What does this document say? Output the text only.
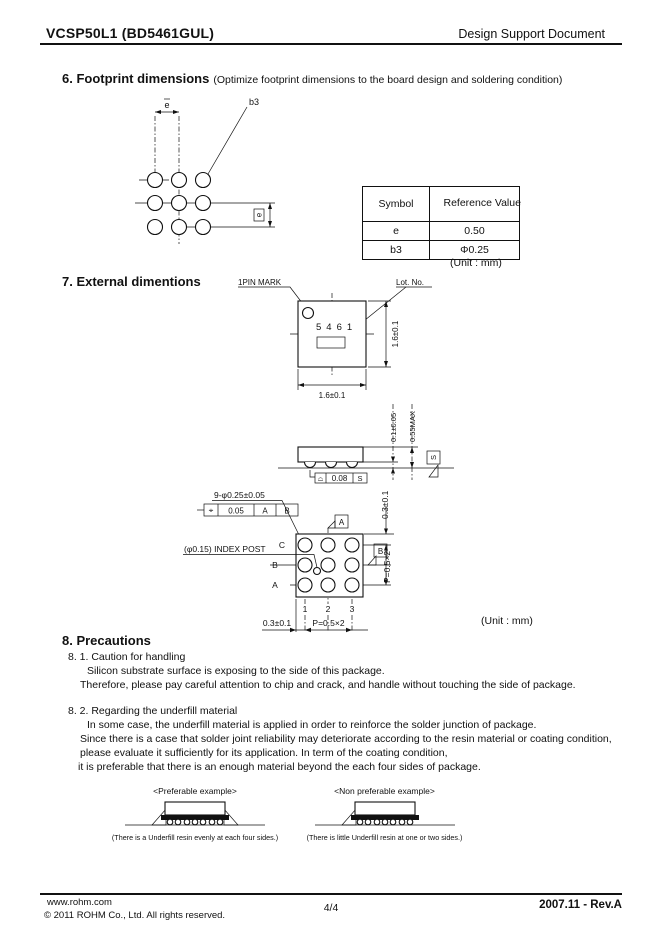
VCSP50L1 (BD5461GUL)	Design Support Document
6. Footprint dimensions (Optimize footprint dimensions to the board design and soldering condition)
e	b3
e
Symbol	Reference Value

e	0.50
b3	Φ0.25
(Unit : mm)
7. External dimentions	1PIN MARK	Lot. No.
5461	1.6±0.1
1.6±0.1
0.1±0.05 0.55MAX
S
⌓ 0.08 S
9-φ0.25±0.05
⌖ 0.05 A B
A
(φ0.15) INDEX POST C
B
A
1 2 3
B
0.3±0.1
P=0.5×2
0.3±0.1	P=0.5×2	(Unit : mm)
8. Precautions
8. 1. Caution for handling
Silicon substrate surface is exposing to the side of this package.
Therefore, please pay careful attention to chip and crack, and handle without touching the side of package.
8. 2. Regarding the underfill material
In some case, the underfill material is applied in order to reinforce the solder junction of package.
Since there is a case that solder joint reliability may deteriorate according to the resin material or coating condition,
please evaluate it sufficiently for its application. In term of the coating condition,
it is preferable that there is an enough material beyond the each four sides of package.
<Preferable example>
(There is a Underfill resin evenly at each four sides.)
<Non preferable example>
(There is little Underfill resin at one or two sides.)
www.rohm.com
© 2011 ROHM Co., Ltd. All rights reserved.
4/4	2007.11 - Rev.A
